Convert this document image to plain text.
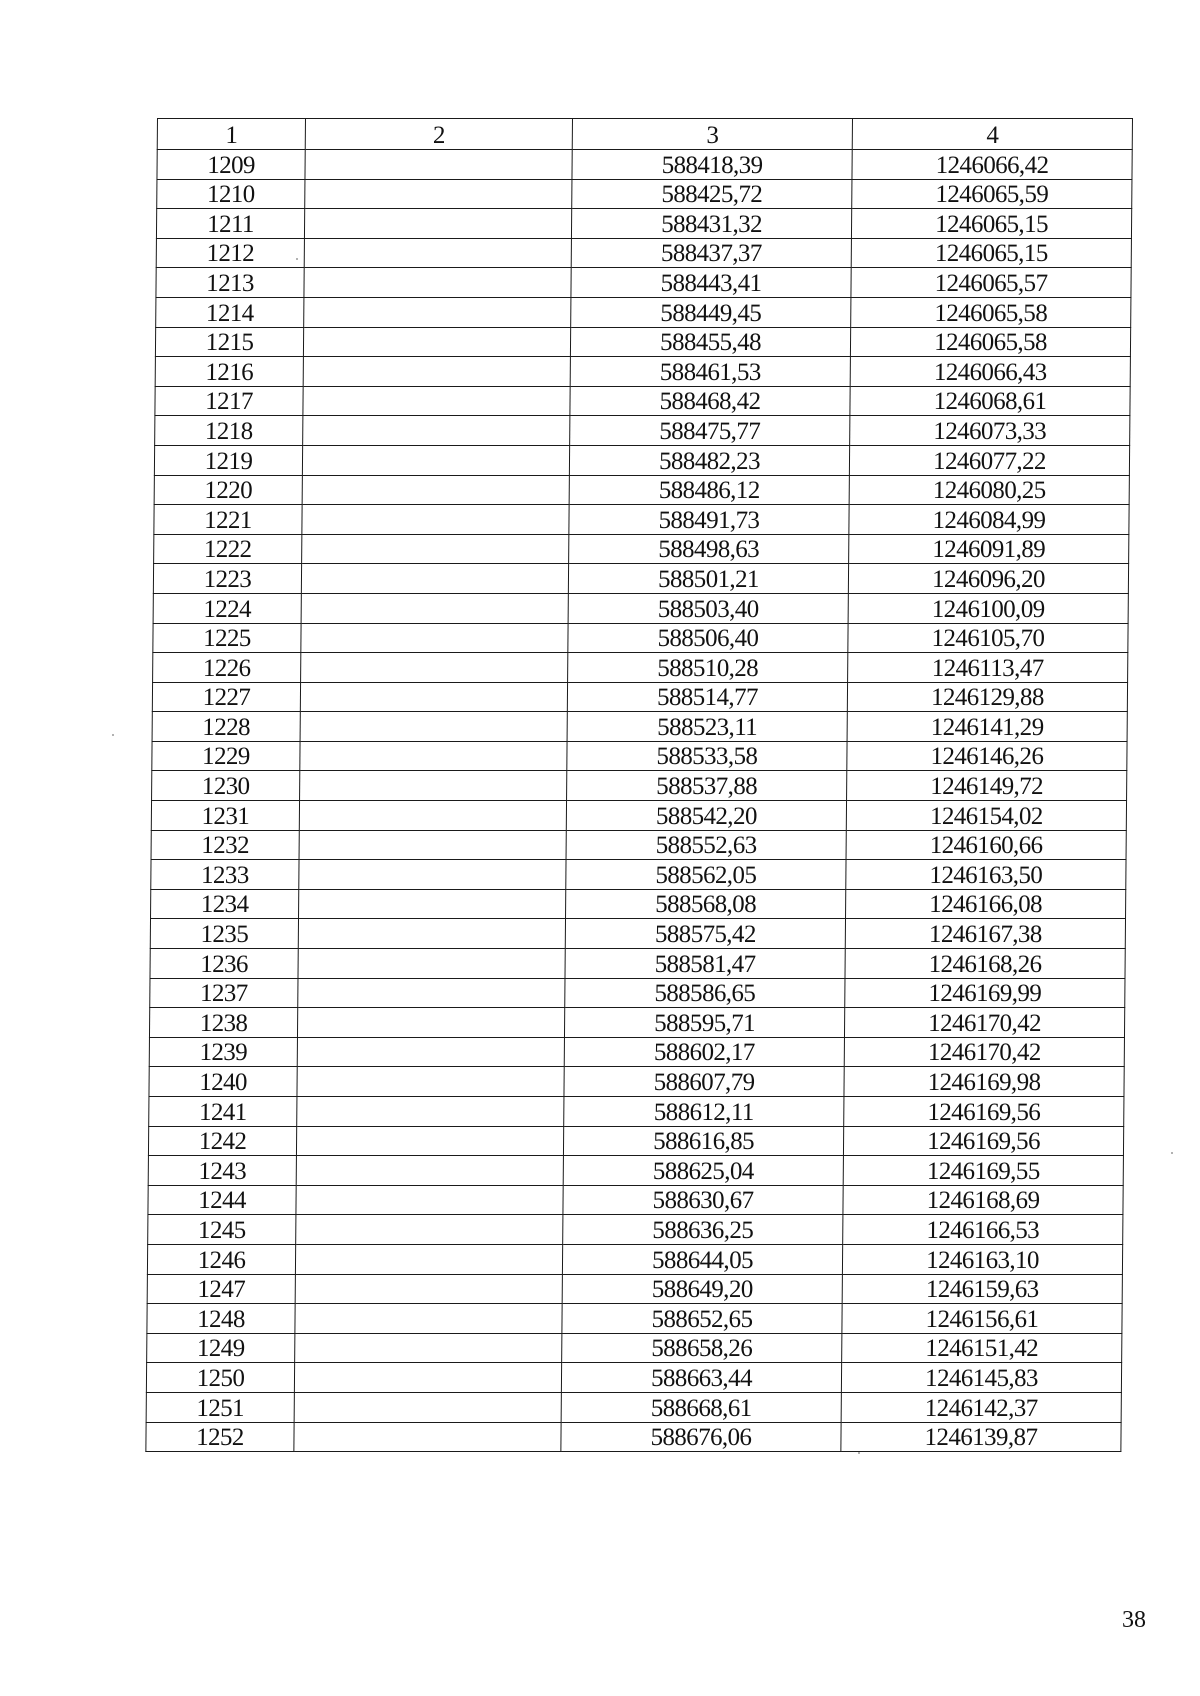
1	2	3	4
1209		588418,39	1246066,42
1210		588425,72	1246065,59
1211		588431,32	1246065,15
1212		588437,37	1246065,15
1213		588443,41	1246065,57
1214		588449,45	1246065,58
1215		588455,48	1246065,58
1216		588461,53	1246066,43
1217		588468,42	1246068,61
1218		588475,77	1246073,33
1219		588482,23	1246077,22
1220		588486,12	1246080,25
1221		588491,73	1246084,99
1222		588498,63	1246091,89
1223		588501,21	1246096,20
1224		588503,40	1246100,09
1225		588506,40	1246105,70
1226		588510,28	1246113,47
1227		588514,77	1246129,88
1228		588523,11	1246141,29
1229		588533,58	1246146,26
1230		588537,88	1246149,72
1231		588542,20	1246154,02
1232		588552,63	1246160,66
1233		588562,05	1246163,50
1234		588568,08	1246166,08
1235		588575,42	1246167,38
1236		588581,47	1246168,26
1237		588586,65	1246169,99
1238		588595,71	1246170,42
1239		588602,17	1246170,42
1240		588607,79	1246169,98
1241		588612,11	1246169,56
1242		588616,85	1246169,56
1243		588625,04	1246169,55
1244		588630,67	1246168,69
1245		588636,25	1246166,53
1246		588644,05	1246163,10
1247		588649,20	1246159,63
1248		588652,65	1246156,61
1249		588658,26	1246151,42
1250		588663,44	1246145,83
1251		588668,61	1246142,37
1252		588676,06	1246139,87
38
